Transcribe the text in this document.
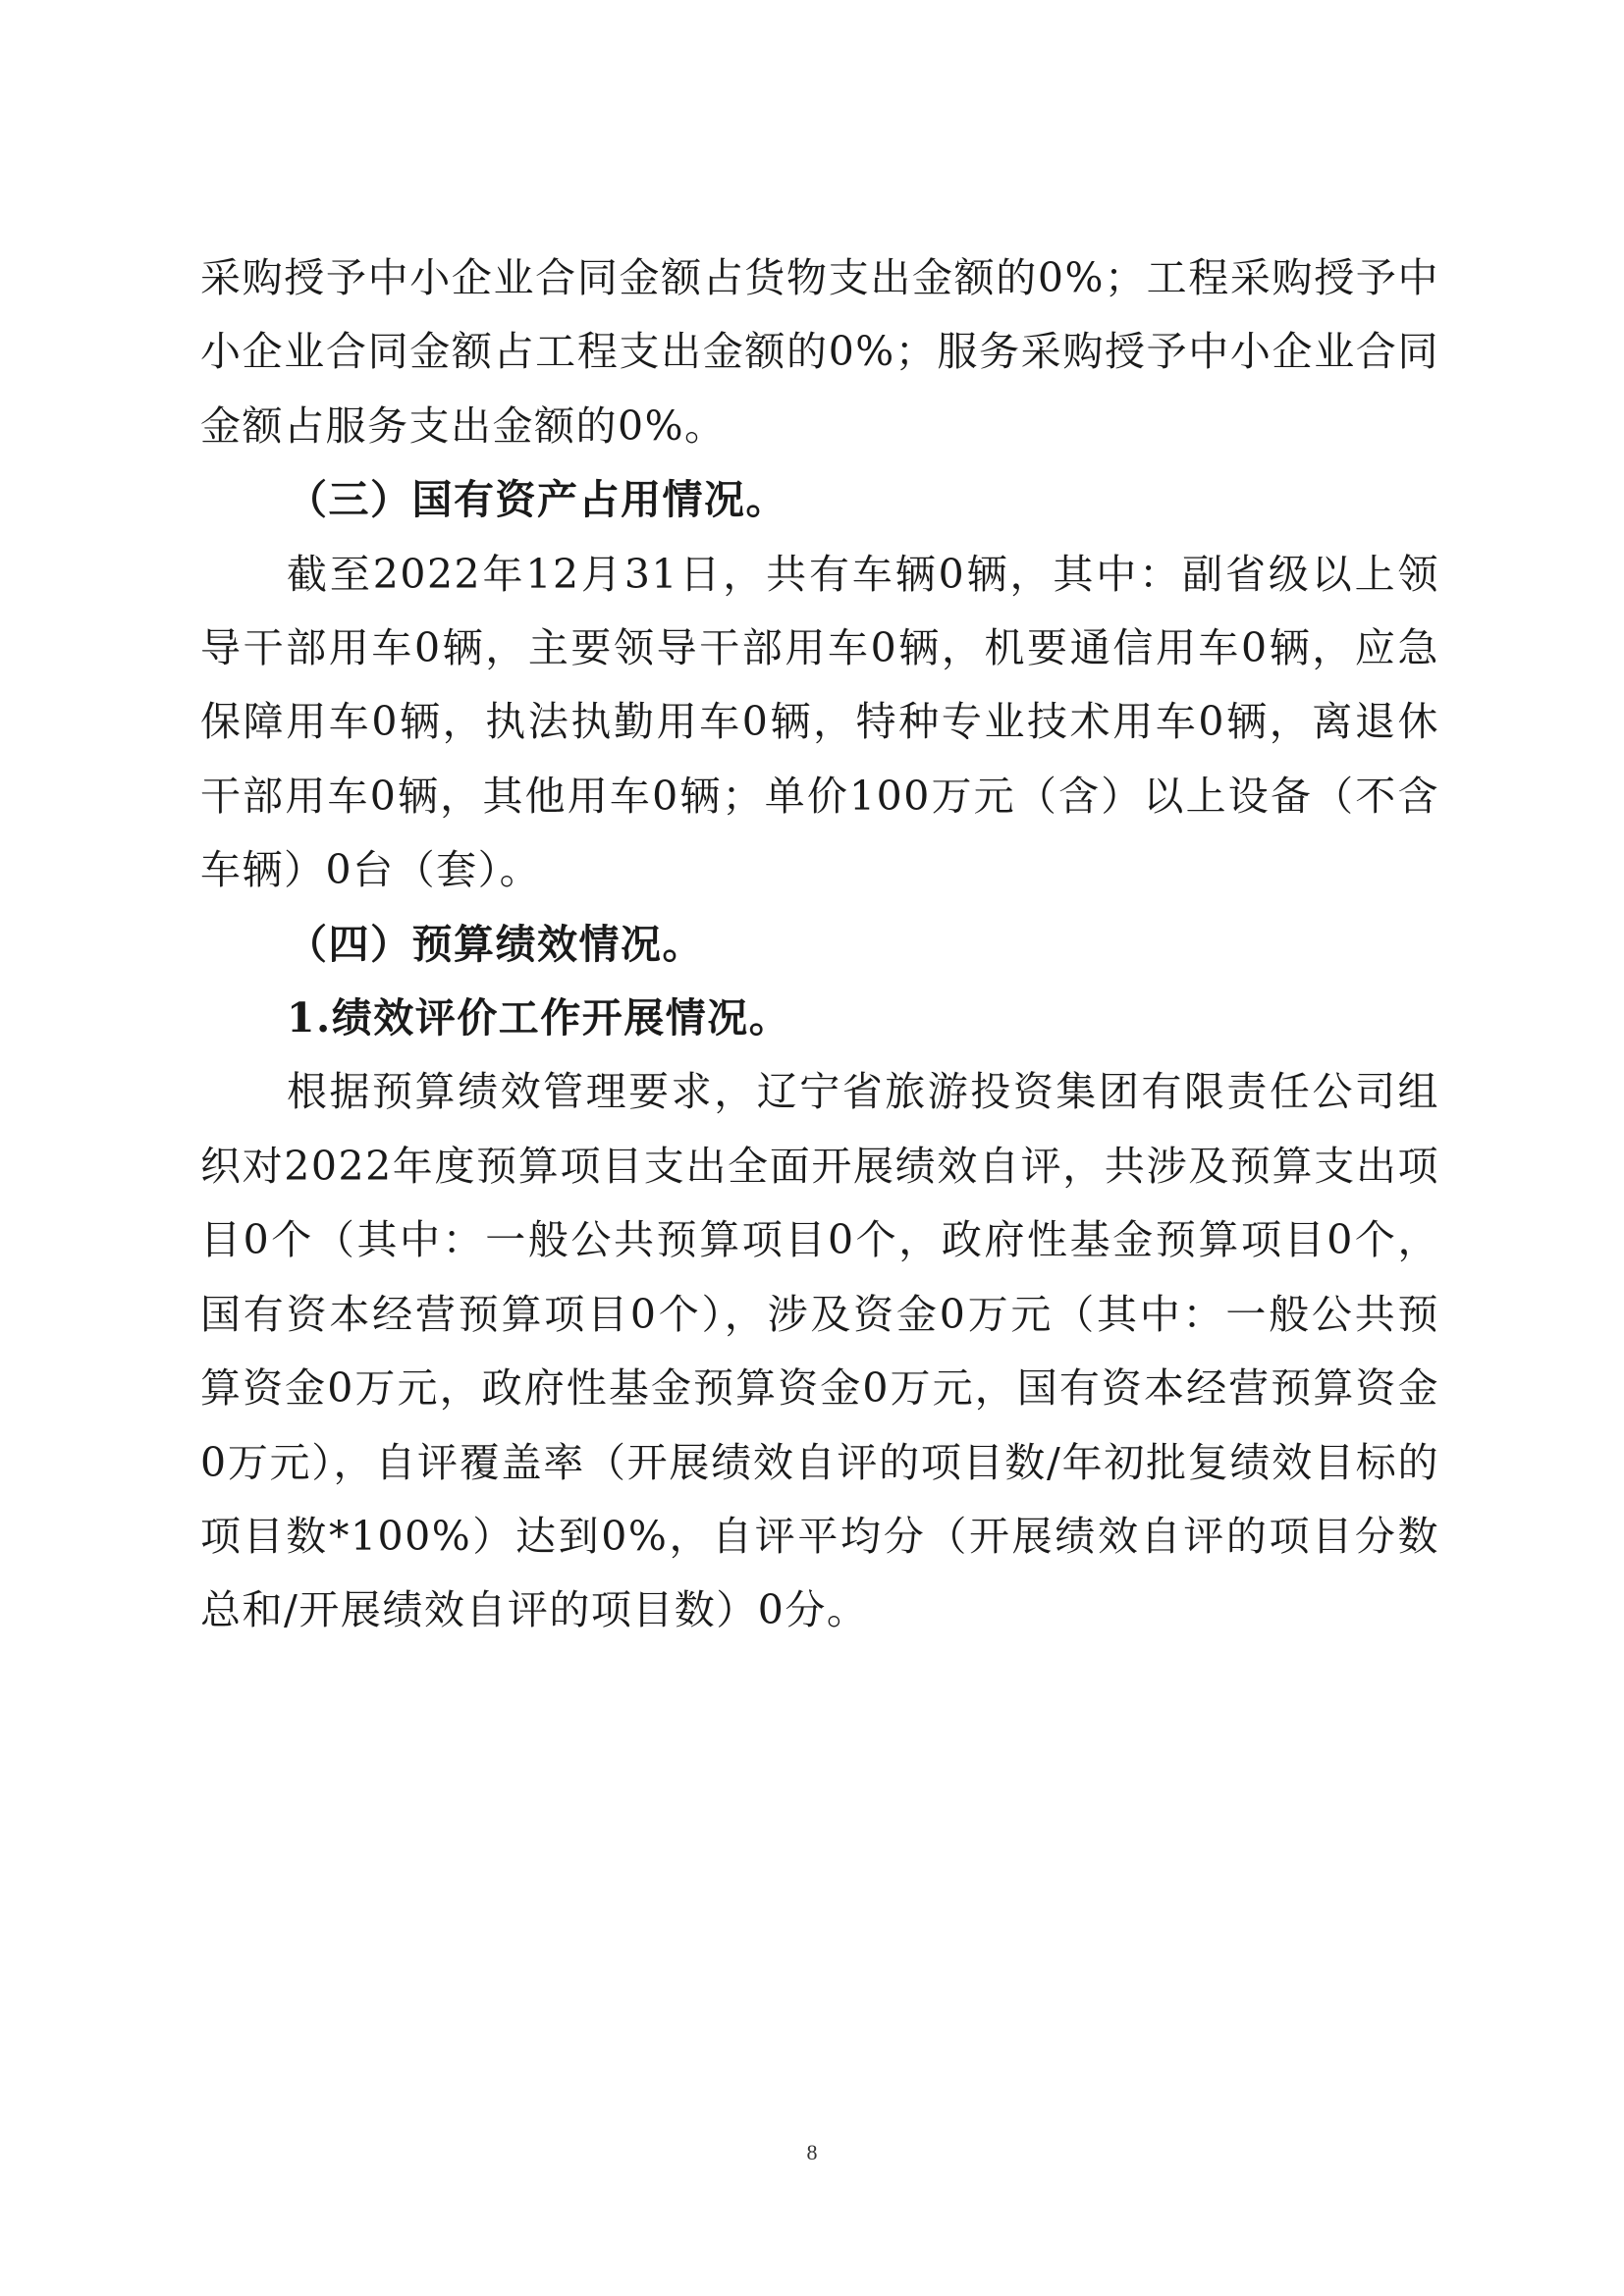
采购授予中小企业合同金额占货物支出金额的0%；工程采购授予中小企业合同金额占工程支出金额的0%；服务采购授予中小企业合同金额占服务支出金额的0%。

（三）国有资产占用情况。

截至2022年12月31日，共有车辆0辆，其中：副省级以上领导干部用车0辆，主要领导干部用车0辆，机要通信用车0辆，应急保障用车0辆，执法执勤用车0辆，特种专业技术用车0辆，离退休干部用车0辆，其他用车0辆；单价100万元（含）以上设备（不含车辆）0台（套）。

（四）预算绩效情况。

1.绩效评价工作开展情况。

根据预算绩效管理要求，辽宁省旅游投资集团有限责任公司组织对2022年度预算项目支出全面开展绩效自评，共涉及预算支出项目0个（其中：一般公共预算项目0个，政府性基金预算项目0个，国有资本经营预算项目0个），涉及资金0万元（其中：一般公共预算资金0万元，政府性基金预算资金0万元，国有资本经营预算资金0万元），自评覆盖率（开展绩效自评的项目数/年初批复绩效目标的项目数*100%）达到0%，自评平均分（开展绩效自评的项目分数总和/开展绩效自评的项目数）0分。

8
